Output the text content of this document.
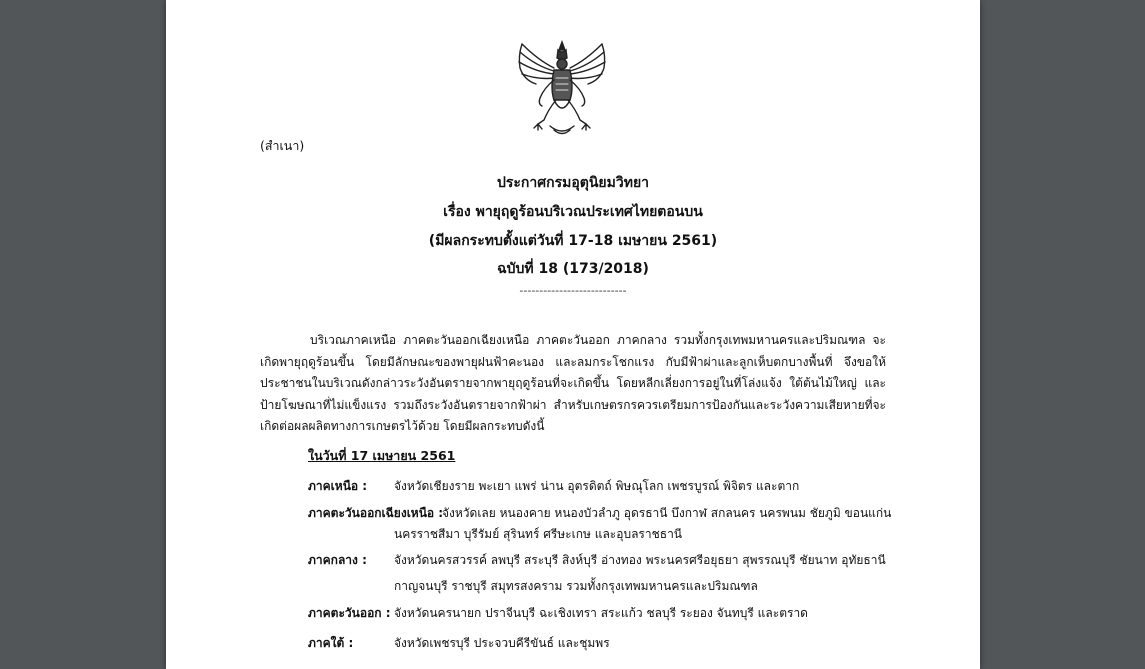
(สำเนา)
ประกาศกรมอุตุนิยมวิทยา
เรื่อง พายุฤดูร้อนบริเวณประเทศไทยตอนบน
(มีผลกระทบตั้งแต่วันที่ 17-18 เมษายน 2561)
ฉบับที่ 18 (173/2018)
---------------------------
บริเวณภาคเหนือ ภาคตะวันออกเฉียงเหนือ ภาคตะวันออก ภาคกลาง รวมทั้งกรุงเทพมหานครและปริมณฑล จะเกิดพายุฤดูร้อนขึ้น โดยมีลักษณะของพายุฝนฟ้าคะนอง และลมกระโชกแรง กับมีฟ้าผ่าและลูกเห็บตกบางพื้นที่ จึงขอให้ประชาชนในบริเวณดังกล่าวระวังอันตรายจากพายุฤดูร้อนที่จะเกิดขึ้น โดยหลีกเลี่ยงการอยู่ในที่โล่งแจ้ง ใต้ต้นไม้ใหญ่ และป้ายโฆษณาที่ไม่แข็งแรง รวมถึงระวังอันตรายจากฟ้าผ่า สำหรับเกษตรกรควรเตรียมการป้องกันและระวังความเสียหายที่จะเกิดต่อผลผลิตทางการเกษตรไว้ด้วย โดยมีผลกระทบดังนี้
ในวันที่ 17 เมษายน 2561
ภาคเหนือ : จังหวัดเชียงราย พะเยา แพร่ น่าน อุตรดิตถ์ พิษณุโลก เพชรบูรณ์ พิจิตร และตาก
ภาคตะวันออกเฉียงเหนือ :
จังหวัดเลย หนองคาย หนองบัวลำภู อุดรธานี บึงกาฬ สกลนคร นครพนม ชัยภูมิ ขอนแก่น
นครราชสีมา บุรีรัมย์ สุรินทร์ ศรีษะเกษ และอุบลราชธานี
ภาคกลาง : จังหวัดนครสวรรค์ ลพบุรี สระบุรี สิงห์บุรี อ่างทอง พระนครศรีอยุธยา สุพรรณบุรี ชัยนาท อุทัยธานี
กาญจนบุรี ราชบุรี สมุทรสงคราม รวมทั้งกรุงเทพมหานครและปริมณฑล
ภาคตะวันออก : จังหวัดนครนายก ปราจีนบุรี ฉะเชิงเทรา สระแก้ว ชลบุรี ระยอง จันทบุรี และตราด
ภาคใต้ :	จังหวัดเพชรบุรี ประจวบคีรีขันธ์ และชุมพร
